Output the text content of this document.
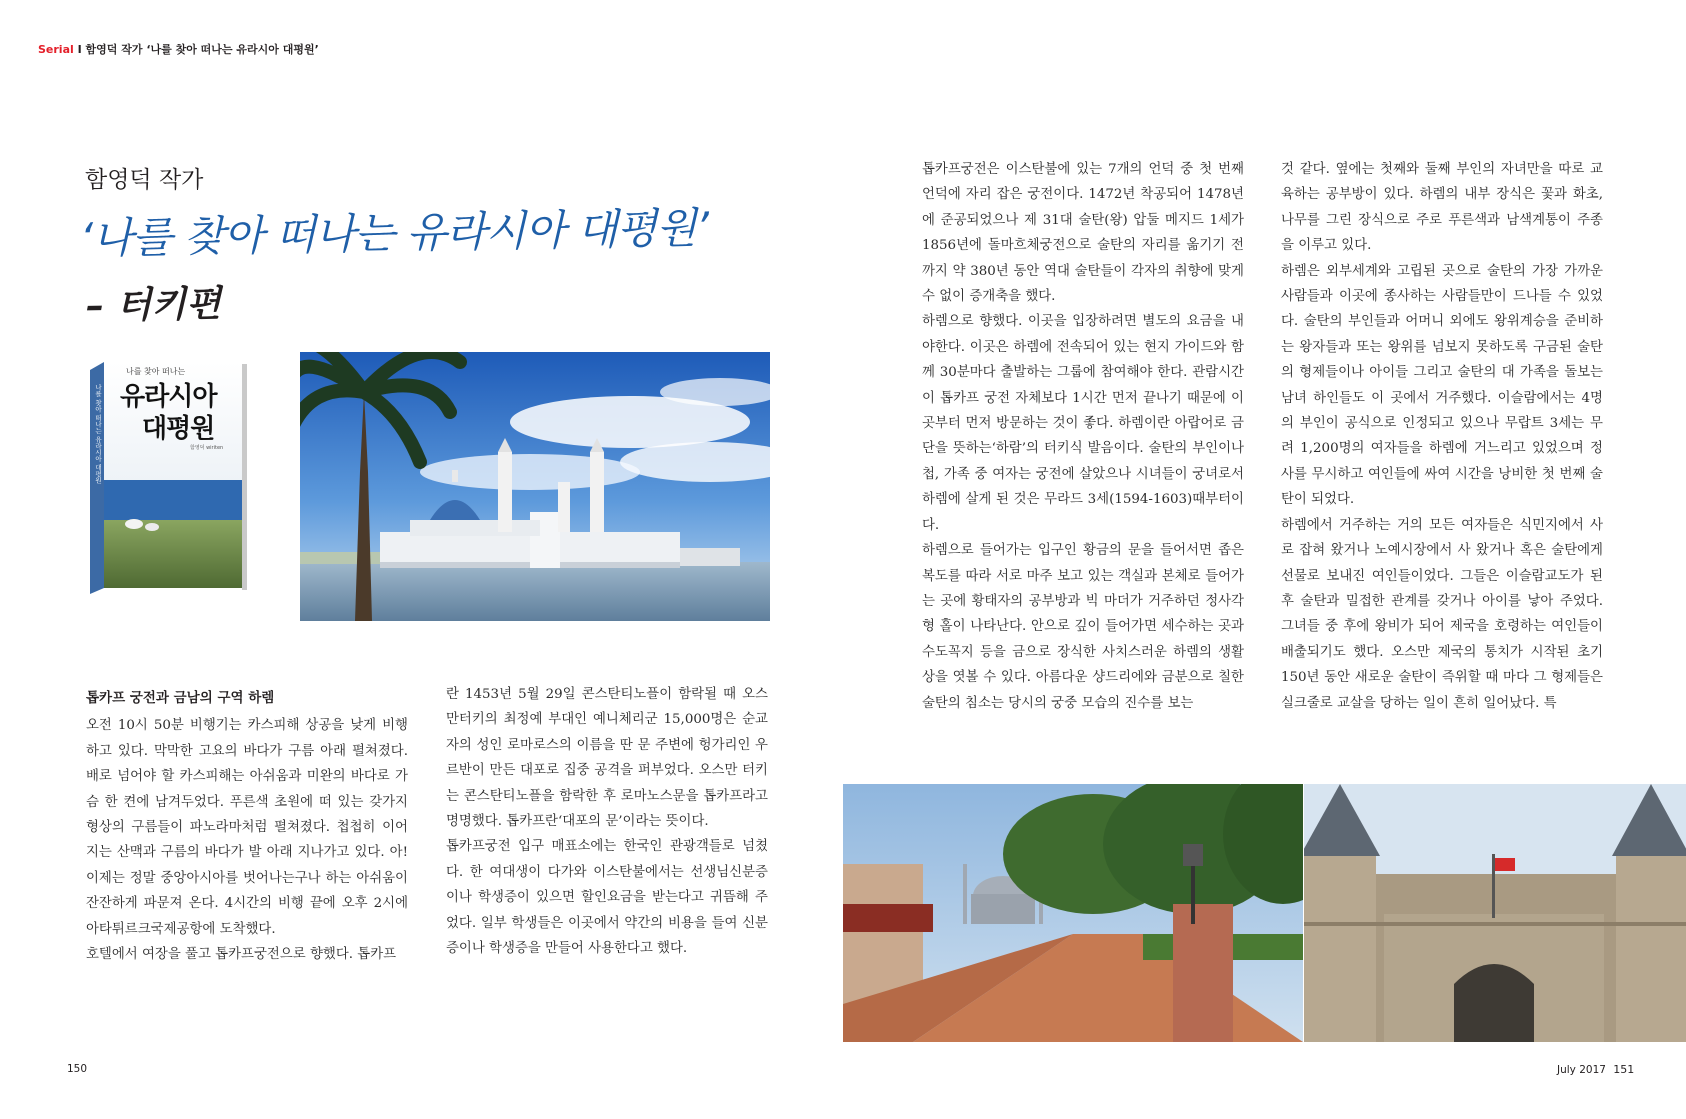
Serial I 함영덕 작가 ‘나를 찾아 떠나는 유라시아 대평원’
함영덕 작가
‘나를 찾아 떠나는 유라시아 대평원’
– 터키편
나를 찾아 떠나는
유라시아
대평원
함영덕 wiriten
나를 찾아 떠나는 유라시아 대평원

톱카프 궁전과 금남의 구역 하렘

오전 10시 50분 비행기는 카스피해 상공을 낮게 비행하고 있다. 막막한 고요의 바다가 구름 아래 펼쳐졌다. 배로 넘어야 할 카스피해는 아쉬움과 미완의 바다로 가슴 한 켠에 남겨두었다. 푸른색 초원에 떠 있는 갖가지 형상의 구름들이 파노라마처럼 펼쳐졌다. 첩첩히 이어지는 산맥과 구름의 바다가 발 아래 지나가고 있다. 아! 이제는 정말 중앙아시아를 벗어나는구나 하는 아쉬움이 잔잔하게 파문져 온다. 4시간의 비행 끝에 오후 2시에 아타튀르크국제공항에 도착했다.

호텔에서 여장을 풀고 톱카프궁전으로 향했다. 톱카프

란 1453년 5월 29일 콘스탄티노플이 함락될 때 오스만터키의 최정예 부대인 예니체리군 15,000명은 순교자의 성인 로마로스의 이름을 딴 문 주변에 헝가리인 우르반이 만든 대포로 집중 공격을 퍼부었다. 오스만 터키는 콘스탄티노플을 함락한 후 로마노스문을 톱카프라고 명명했다. 톱카프란‘대포의 문’이라는 뜻이다.

톱카프궁전 입구 매표소에는 한국인 관광객들로 넘쳤다. 한 여대생이 다가와 이스탄불에서는 선생님신분증이나 학생증이 있으면 할인요금을 받는다고 귀뜸해 주었다. 일부 학생들은 이곳에서 약간의 비용을 들여 신분증이나 학생증을 만들어 사용한다고 했다.

톱카프궁전은 이스탄불에 있는 7개의 언덕 중 첫 번째 언덕에 자리 잡은 궁전이다. 1472년 착공되어 1478년에 준공되었으나 제 31대 술탄(왕) 압둘 메지드 1세가 1856년에 돌마흐체궁전으로 술탄의 자리를 옮기기 전까지 약 380년 동안 역대 술탄들이 각자의 취향에 맞게 수 없이 증개축을 했다.

하렘으로 향했다. 이곳을 입장하려면 별도의 요금을 내야한다. 이곳은 하렘에 전속되어 있는 현지 가이드와 함께 30분마다 출발하는 그룹에 참여해야 한다. 관람시간이 톱카프 궁전 자체보다 1시간 먼저 끝나기 때문에 이곳부터 먼저 방문하는 것이 좋다. 하렘이란 아랍어로 금단을 뜻하는‘하람’의 터키식 발음이다. 술탄의 부인이나 첩, 가족 중 여자는 궁전에 살았으나 시녀들이 궁녀로서 하렘에 살게 된 것은 무라드 3세(1594-1603)때부터이다.

하렘으로 들어가는 입구인 황금의 문을 들어서면 좁은 복도를 따라 서로 마주 보고 있는 객실과 본체로 들어가는 곳에 황태자의 공부방과 빅 마더가 거주하던 정사각형 홀이 나타난다. 안으로 깊이 들어가면 세수하는 곳과 수도꼭지 등을 금으로 장식한 사치스러운 하렘의 생활상을 엿볼 수 있다. 아름다운 샹드리에와 금분으로 칠한 술탄의 침소는 당시의 궁중 모습의 진수를 보는

것 같다. 옆에는 첫째와 둘째 부인의 자녀만을 따로 교육하는 공부방이 있다. 하렘의 내부 장식은 꽃과 화초, 나무를 그린 장식으로 주로 푸른색과 남색계통이 주종을 이루고 있다.

하렘은 외부세계와 고립된 곳으로 술탄의 가장 가까운 사람들과 이곳에 종사하는 사람들만이 드나들 수 있었다. 술탄의 부인들과 어머니 외에도 왕위계승을 준비하는 왕자들과 또는 왕위를 넘보지 못하도록 구금된 술탄의 형제들이나 아이들 그리고 술탄의 대 가족을 돌보는 남녀 하인들도 이 곳에서 거주했다. 이슬람에서는 4명의 부인이 공식으로 인정되고 있으나 무랍트 3세는 무려 1,200명의 여자들을 하렘에 거느리고 있었으며 정사를 무시하고 여인들에 싸여 시간을 낭비한 첫 번째 술탄이 되었다.

하렘에서 거주하는 거의 모든 여자들은 식민지에서 사로 잡혀 왔거나 노예시장에서 사 왔거나 혹은 술탄에게 선물로 보내진 여인들이었다. 그들은 이슬람교도가 된 후 술탄과 밀접한 관계를 갖거나 아이를 낳아 주었다. 그녀들 중 후에 왕비가 되어 제국을 호령하는 여인들이 배출되기도 했다. 오스만 제국의 통치가 시작된 초기 150년 동안 새로운 술탄이 즉위할 때 마다 그 형제들은 실크줄로 교살을 당하는 일이 흔히 일어났다. 특

150	July 2017 151
